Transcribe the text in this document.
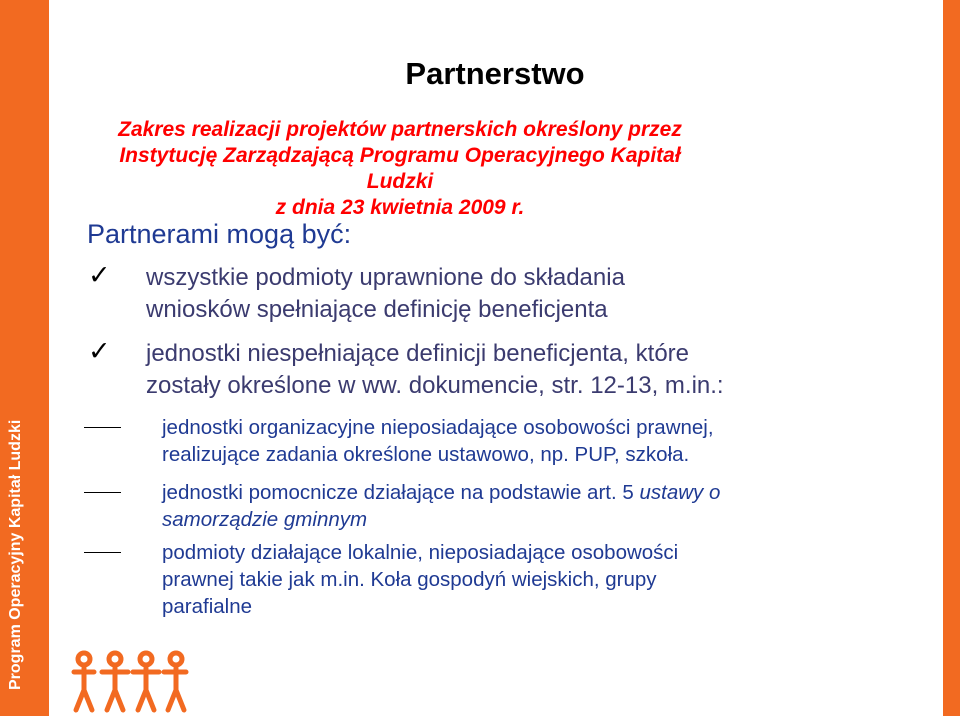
Program Operacyjny Kapitał Ludzki
Partnerstwo
Zakres realizacji projektów partnerskich określony przez
Instytucję Zarządzającą Programu Operacyjnego Kapitał Ludzki
z dnia 23 kwietnia 2009 r.
Partnerami mogą być:
✓ wszystkie podmioty uprawnione do składania
wniosków spełniające definicję beneficjenta
✓ jednostki niespełniające definicji beneficjenta, które
zostały określone w ww. dokumencie, str. 12-13, m.in.:
jednostki organizacyjne nieposiadające osobowości prawnej,
realizujące zadania określone ustawowo, np. PUP, szkoła.
jednostki pomocnicze działające na podstawie art. 5 ustawy o
samorządzie gminnym
podmioty działające lokalnie, nieposiadające osobowości
prawnej takie jak m.in. Koła gospodyń wiejskich, grupy
parafialne
